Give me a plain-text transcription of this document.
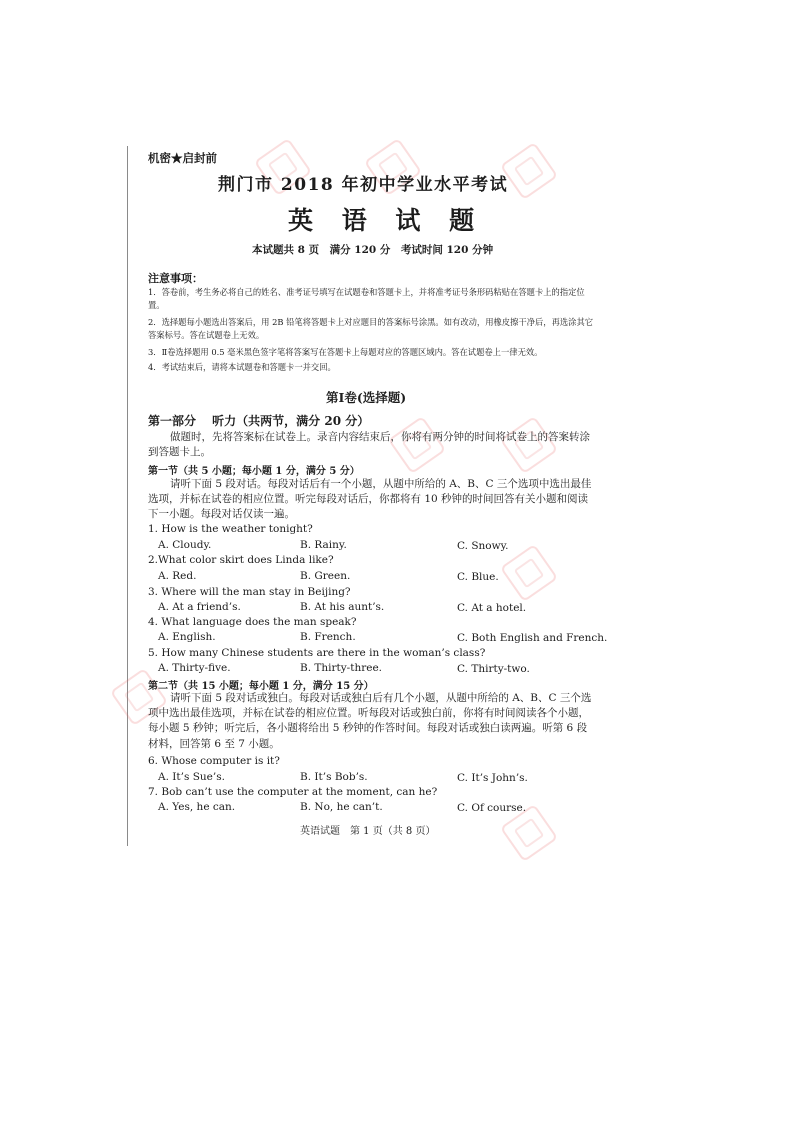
机密★启封前
荆门市 2018 年初中学业水平考试
英 语 试 题
本试题共 8 页　满分 120 分　考试时间 120 分钟
注意事项：
1．答卷前，考生务必将自己的姓名、准考证号填写在试题卷和答题卡上，并将准考证号条形码粘贴在答题卡上的指定位置。
2．选择题每小题选出答案后，用 2B 铅笔将答题卡上对应题目的答案标号涂黑。如有改动，用橡皮擦干净后，再选涂其它答案标号。答在试题卷上无效。
3．Ⅱ卷选择题用 0.5 毫米黑色签字笔将答案写在答题卡上每题对应的答题区域内。答在试题卷上一律无效。
4．考试结束后，请将本试题卷和答题卡一并交回。
第Ⅰ卷(选择题)
第一部分　 听力（共两节，满分 20 分）
做题时，先将答案标在试卷上。录音内容结束后，你将有两分钟的时间将试卷上的答案转涂到答题卡上。
第一节（共 5 小题；每小题 1 分，满分 5 分）
请听下面 5 段对话。每段对话后有一个小题，从题中所给的 A、B、C 三个选项中选出最佳选项，并标在试卷的相应位置。听完每段对话后，你都将有 10 秒钟的时间回答有关小题和阅读下一小题。每段对话仅读一遍。
1. How is the weather tonight?
A. Cloudy.	B. Rainy.	C. Snowy.
2.What color skirt does Linda like?
A. Red.	B. Green.	C. Blue.
3. Where will the man stay in Beijing?
A. At a friend’s.	B. At his aunt’s.	C. At a hotel.
4. What language does the man speak?
A. English.	B. French.	C. Both English and French.
5. How many Chinese students are there in the woman’s class?
A. Thirty-five.	B. Thirty-three.	C. Thirty-two.
第二节（共 15 小题；每小题 1 分，满分 15 分）
请听下面 5 段对话或独白。每段对话或独白后有几个小题，从题中所给的 A、B、C 三个选项中选出最佳选项，并标在试卷的相应位置。听每段对话或独白前，你将有时间阅读各个小题，每小题 5 秒钟；听完后，各小题将给出 5 秒钟的作答时间。每段对话或独白读两遍。听第 6 段材料，回答第 6 至 7 小题。
6. Whose computer is it?
A. It’s Sue’s.	B. It’s Bob’s.	C. It’s John’s.
7. Bob can’t use the computer at the moment, can he?
A. Yes, he can.	B. No, he can’t.	C. Of course.
英语试题　第 1 页（共 8 页）
